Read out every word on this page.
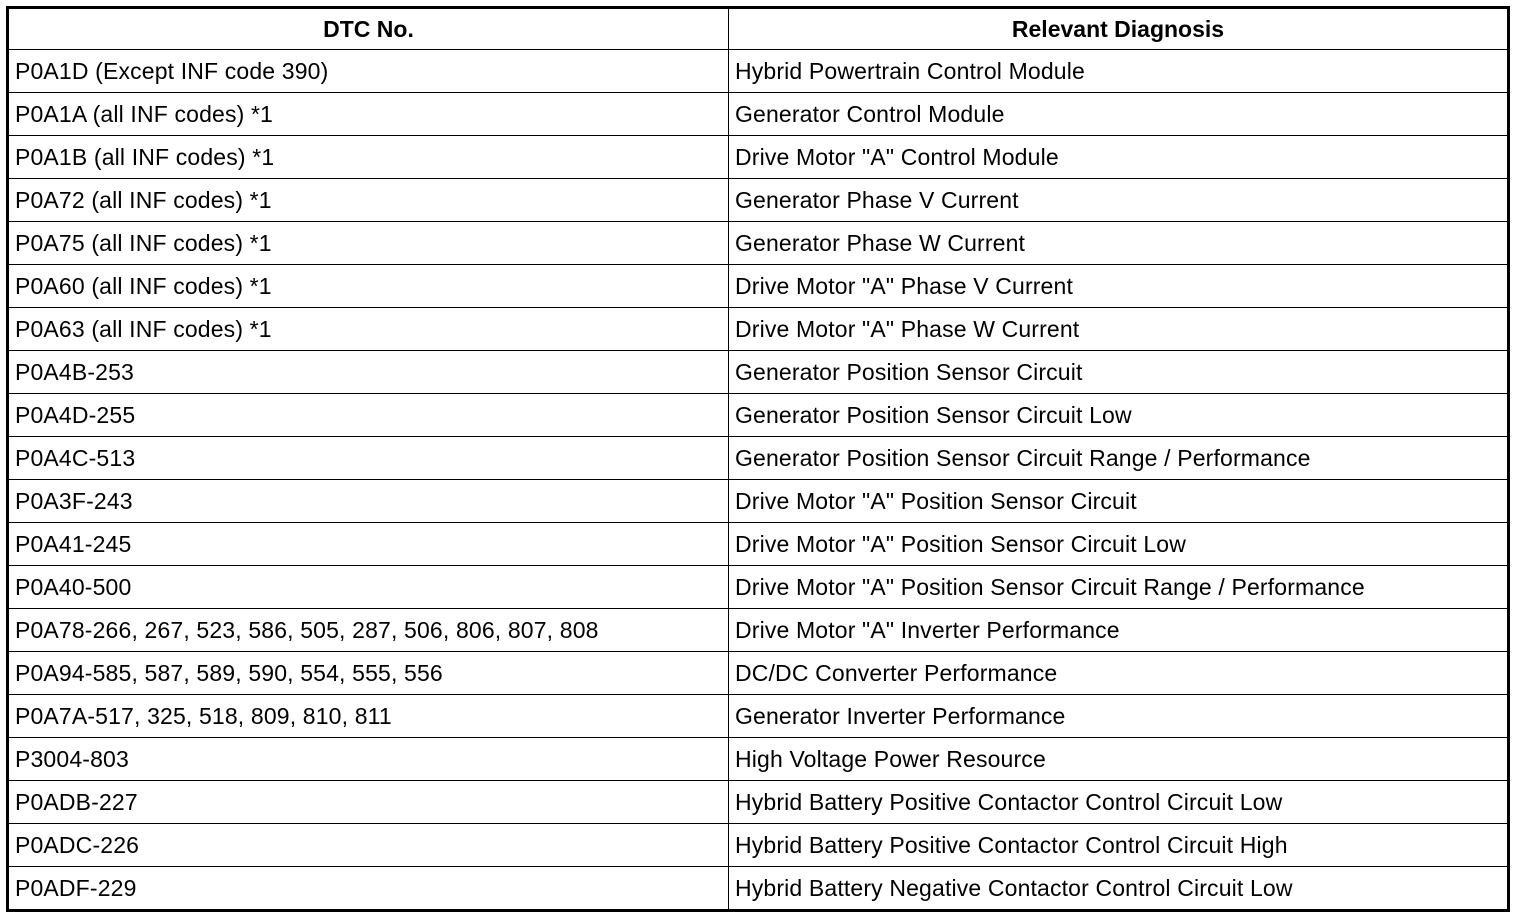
DTC No.	Relevant Diagnosis
P0A1D (Except INF code 390)	Hybrid Powertrain Control Module
P0A1A (all INF codes) *1	Generator Control Module
P0A1B (all INF codes) *1	Drive Motor "A" Control Module
P0A72 (all INF codes) *1	Generator Phase V Current
P0A75 (all INF codes) *1	Generator Phase W Current
P0A60 (all INF codes) *1	Drive Motor "A" Phase V Current
P0A63 (all INF codes) *1	Drive Motor "A" Phase W Current
P0A4B-253	Generator Position Sensor Circuit
P0A4D-255	Generator Position Sensor Circuit Low
P0A4C-513	Generator Position Sensor Circuit Range / Performance
P0A3F-243	Drive Motor "A" Position Sensor Circuit
P0A41-245	Drive Motor "A" Position Sensor Circuit Low
P0A40-500	Drive Motor "A" Position Sensor Circuit Range / Performance
P0A78-266, 267, 523, 586, 505, 287, 506, 806, 807, 808	Drive Motor "A" Inverter Performance
P0A94-585, 587, 589, 590, 554, 555, 556	DC/DC Converter Performance
P0A7A-517, 325, 518, 809, 810, 811	Generator Inverter Performance
P3004-803	High Voltage Power Resource
P0ADB-227	Hybrid Battery Positive Contactor Control Circuit Low
P0ADC-226	Hybrid Battery Positive Contactor Control Circuit High
P0ADF-229	Hybrid Battery Negative Contactor Control Circuit Low
